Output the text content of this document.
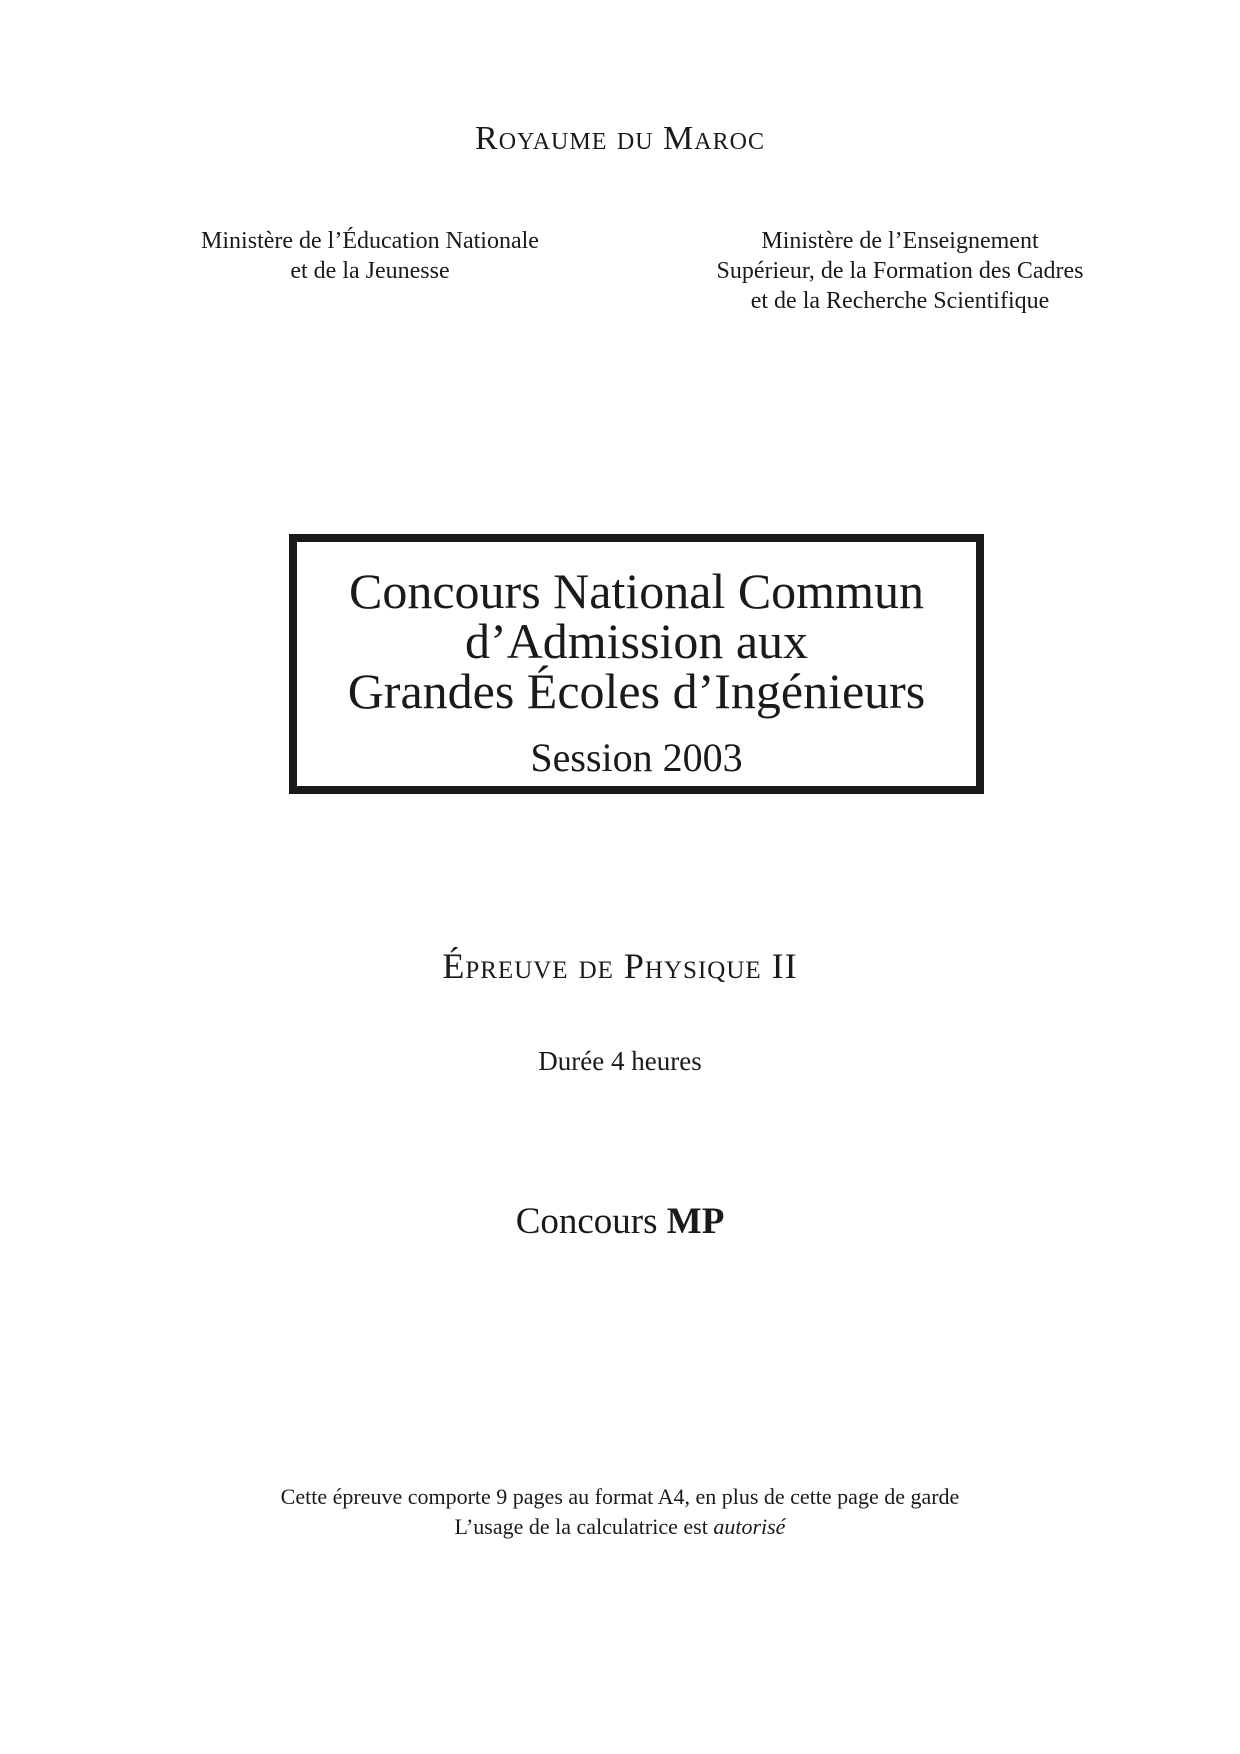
Royaume du Maroc
Ministère de l’Éducation Nationale
et de la Jeunesse
Ministère de l’Enseignement
Supérieur, de la Formation des Cadres
et de la Recherche Scientifique
Concours National Commun
d’Admission aux
Grandes Écoles d’Ingénieurs
Session 2003
Épreuve de Physique II
Durée 4 heures
Concours MP
Cette épreuve comporte 9 pages au format A4, en plus de cette page de garde
L’usage de la calculatrice est autorisé
